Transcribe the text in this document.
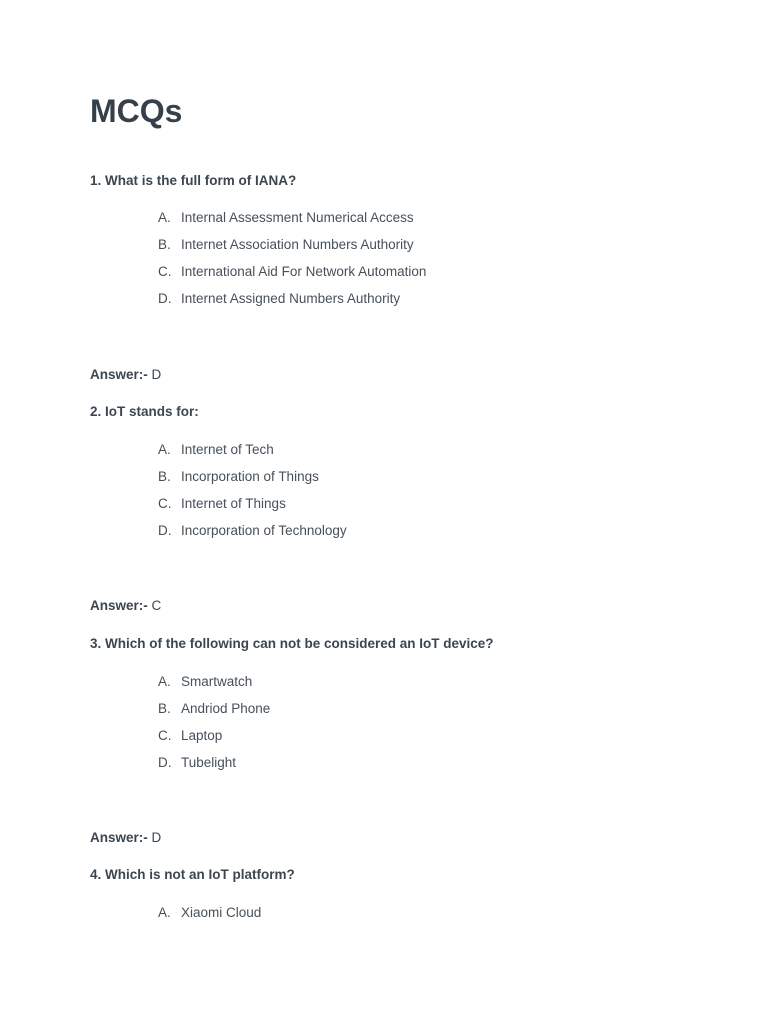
MCQs

1. What is the full form of IANA?

A. Internal Assessment Numerical Access
B. Internet Association Numbers Authority
C. International Aid For Network Automation
D. Internet Assigned Numbers Authority

Answer:- D

2. IoT stands for:

A. Internet of Tech
B. Incorporation of Things
C. Internet of Things
D. Incorporation of Technology

Answer:- C

3. Which of the following can not be considered an IoT device?

A. Smartwatch
B. Andriod Phone
C. Laptop
D. Tubelight

Answer:- D

4. Which is not an IoT platform?

A. Xiaomi Cloud
